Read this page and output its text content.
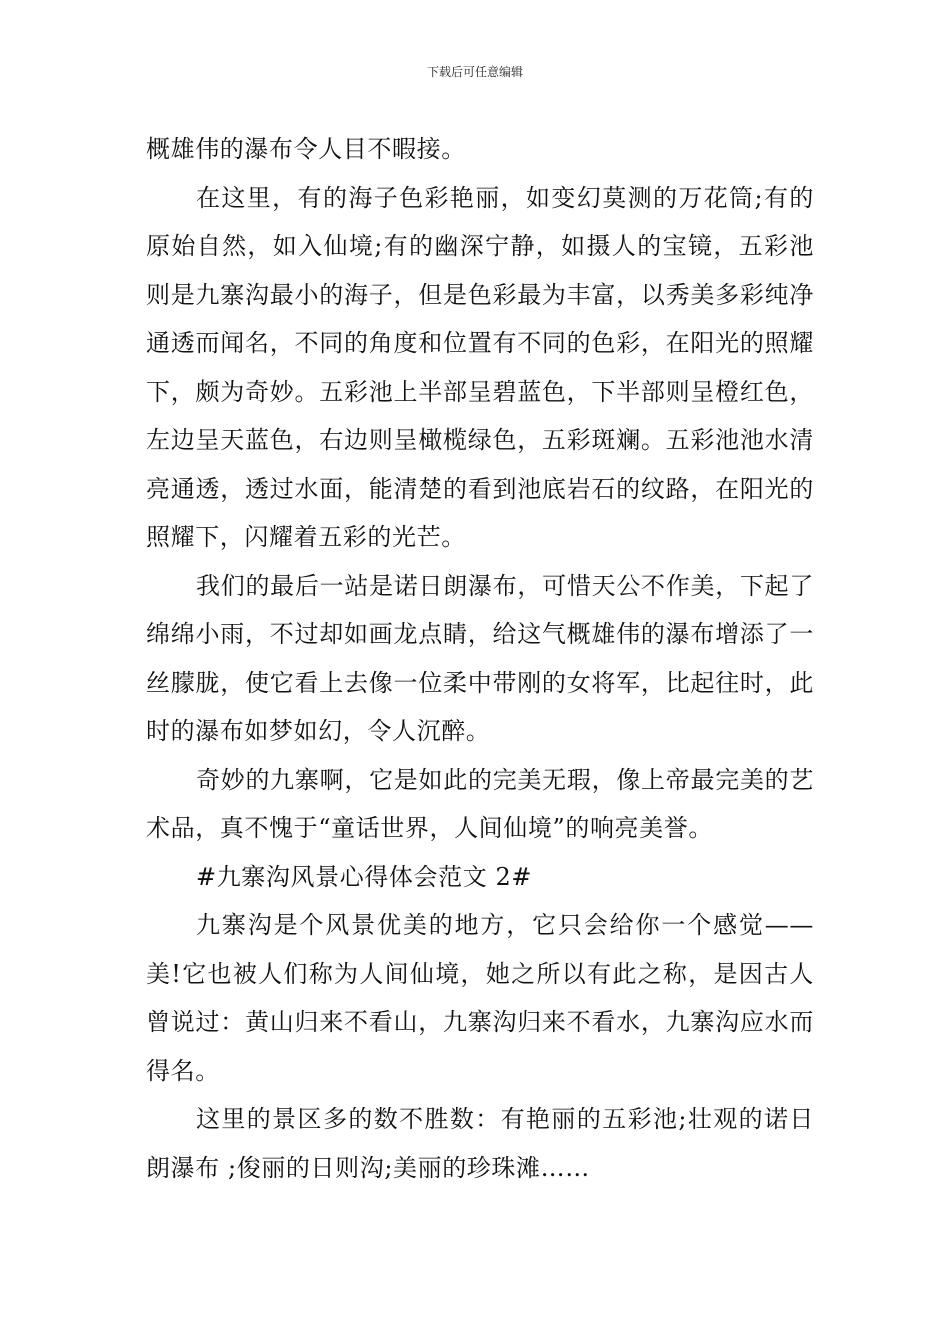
下载后可任意编辑

概雄伟的瀑布令人目不暇接。

在这里，有的海子色彩艳丽，如变幻莫测的万花筒;有的原始自然，如入仙境;有的幽深宁静，如摄人的宝镜，五彩池则是九寨沟最小的海子，但是色彩最为丰富，以秀美多彩纯净通透而闻名，不同的角度和位置有不同的色彩，在阳光的照耀下，颇为奇妙。五彩池上半部呈碧蓝色，下半部则呈橙红色，左边呈天蓝色，右边则呈橄榄绿色，五彩斑斓。五彩池池水清亮通透，透过水面，能清楚的看到池底岩石的纹路，在阳光的照耀下，闪耀着五彩的光芒。

我们的最后一站是诺日朗瀑布，可惜天公不作美，下起了绵绵小雨，不过却如画龙点睛，给这气概雄伟的瀑布增添了一丝朦胧，使它看上去像一位柔中带刚的女将军，比起往时，此时的瀑布如梦如幻，令人沉醉。

奇妙的九寨啊，它是如此的完美无瑕，像上帝最完美的艺术品，真不愧于“童话世界，人间仙境”的响亮美誉。

#九寨沟风景心得体会范文 2#

九寨沟是个风景优美的地方，它只会给你一个感觉——美!它也被人们称为人间仙境，她之所以有此之称，是因古人曾说过：黄山归来不看山，九寨沟归来不看水，九寨沟应水而得名。

这里的景区多的数不胜数：有艳丽的五彩池;壮观的诺日朗瀑布 ;俊丽的日则沟;美丽的珍珠滩……
